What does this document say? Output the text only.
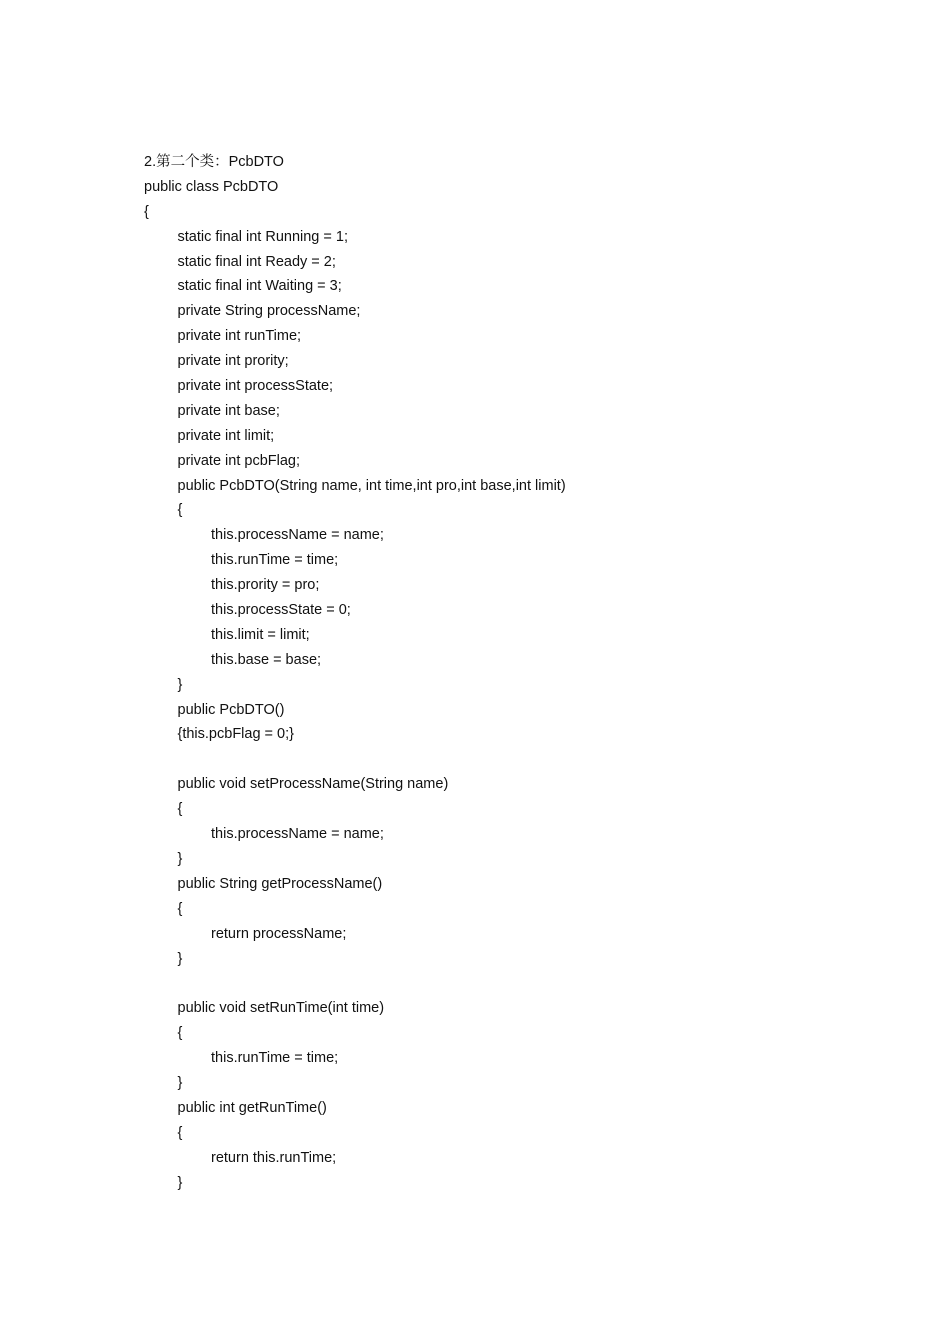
2.第二个类：PcbDTO
public class PcbDTO
{
static final int Running = 1;
static final int Ready = 2;
static final int Waiting = 3;
private String processName;
private int runTime;
private int prority;
private int processState;
private int base;
private int limit;
private int pcbFlag;
public PcbDTO(String name, int time,int pro,int base,int limit)
{
this.processName = name;
this.runTime = time;
this.prority = pro;
this.processState = 0;
this.limit = limit;
this.base = base;
}
public PcbDTO()
{this.pcbFlag = 0;}
public void setProcessName(String name)
{
this.processName = name;
}
public String getProcessName()
{
return processName;
}
public void setRunTime(int time)
{
this.runTime = time;
}
public int getRunTime()
{
return this.runTime;
}
